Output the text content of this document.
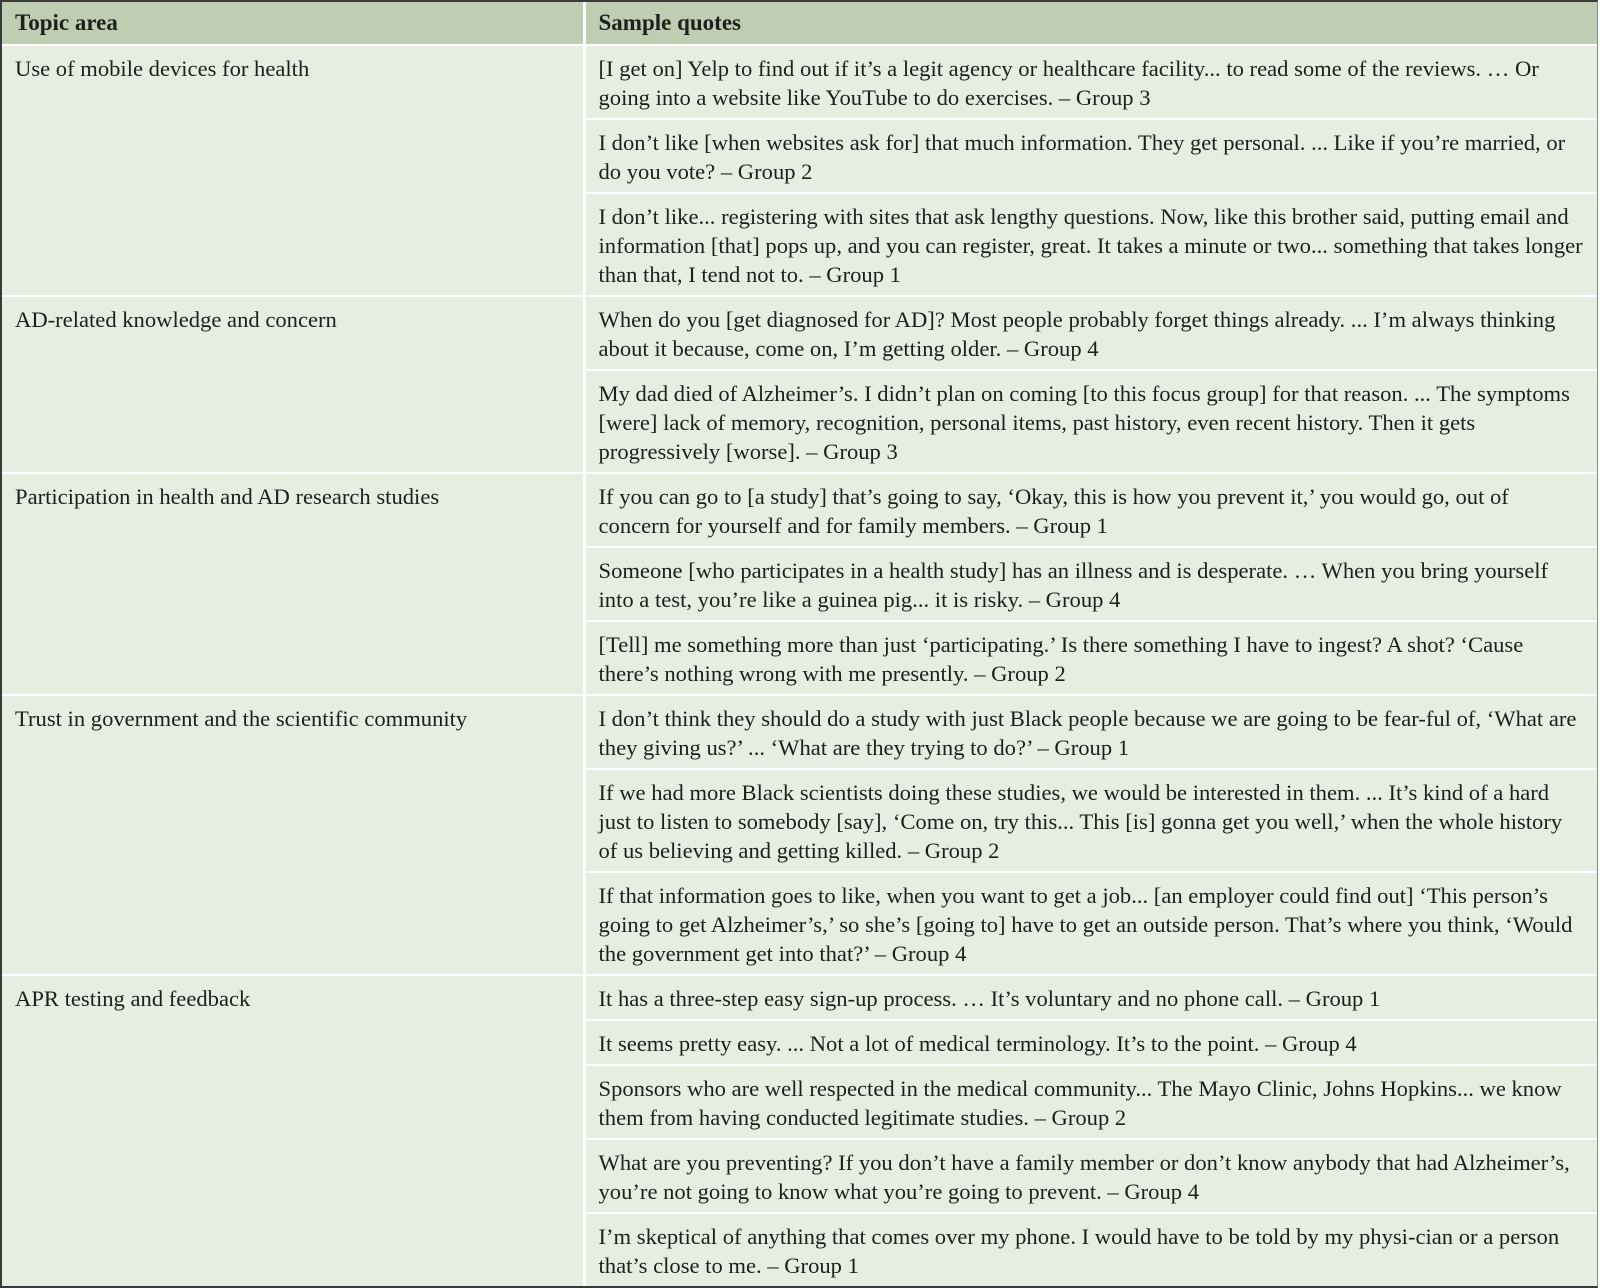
Topic area	Sample quotes
Use of mobile devices for health	[I get on] Yelp to find out if it’s a legit agency or healthcare facility... to read some of the reviews. … Or going into a website like YouTube to do exercises. – Group 3
	I don’t like [when websites ask for] that much information. They get personal. ... Like if you’re married, or do you vote? – Group 2
	I don’t like... registering with sites that ask lengthy questions. Now, like this brother said, putting email and information [that] pops up, and you can register, great. It takes a minute or two... something that takes longer than that, I tend not to. – Group 1
AD-related knowledge and concern	When do you [get diagnosed for AD]? Most people probably forget things already. ... I’m always thinking about it because, come on, I’m getting older. – Group 4
	My dad died of Alzheimer’s. I didn’t plan on coming [to this focus group] for that reason. ... The symptoms [were] lack of memory, recognition, personal items, past history, even recent history. Then it gets progressively [worse]. – Group 3
Participation in health and AD research studies	If you can go to [a study] that’s going to say, ‘Okay, this is how you prevent it,’ you would go, out of concern for yourself and for family members. – Group 1
	Someone [who participates in a health study] has an illness and is desperate. … When you bring yourself into a test, you’re like a guinea pig... it is risky. – Group 4
	[Tell] me something more than just ‘participating.’ Is there something I have to ingest? A shot? ‘Cause there’s nothing wrong with me presently. – Group 2
Trust in government and the scientific community	I don’t think they should do a study with just Black people because we are going to be fear-ful of, ‘What are they giving us?’ ... ‘What are they trying to do?’ – Group 1
	If we had more Black scientists doing these studies, we would be interested in them. ... It’s kind of a hard just to listen to somebody [say], ‘Come on, try this... This [is] gonna get you well,’ when the whole history of us believing and getting killed. – Group 2
	If that information goes to like, when you want to get a job... [an employer could find out] ‘This person’s going to get Alzheimer’s,’ so she’s [going to] have to get an outside person. That’s where you think, ‘Would the government get into that?’ – Group 4
APR testing and feedback	It has a three-step easy sign-up process. … It’s voluntary and no phone call. – Group 1
	It seems pretty easy. ... Not a lot of medical terminology. It’s to the point. – Group 4
	Sponsors who are well respected in the medical community... The Mayo Clinic, Johns Hopkins... we know them from having conducted legitimate studies. – Group 2
	What are you preventing? If you don’t have a family member or don’t know anybody that had Alzheimer’s, you’re not going to know what you’re going to prevent. – Group 4
	I’m skeptical of anything that comes over my phone. I would have to be told by my physi-cian or a person that’s close to me. – Group 1
